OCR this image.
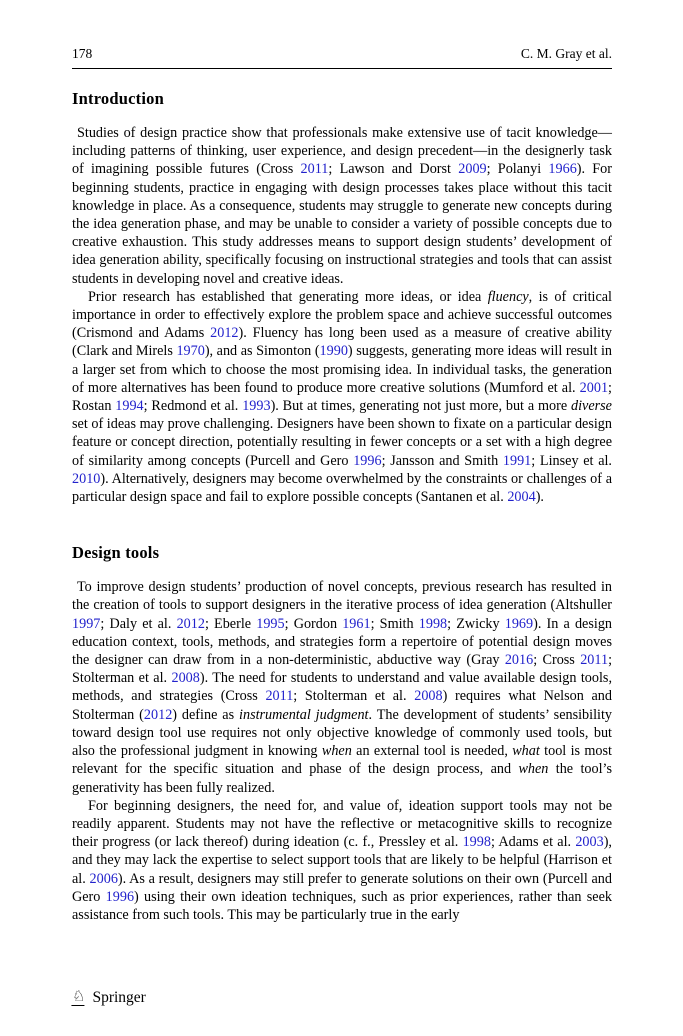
178	C. M. Gray et al.
Introduction

Studies of design practice show that professionals make extensive use of tacit knowledge—including patterns of thinking, user experience, and design precedent—in the designerly task of imagining possible futures (Cross 2011; Lawson and Dorst 2009; Polanyi 1966). For beginning students, practice in engaging with design processes takes place without this tacit knowledge in place. As a consequence, students may struggle to generate new concepts during the idea generation phase, and may be unable to consider a variety of possible concepts due to creative exhaustion. This study addresses means to support design students’ development of idea generation ability, specifically focusing on instructional strategies and tools that can assist students in developing novel and creative ideas.

Prior research has established that generating more ideas, or idea fluency, is of critical importance in order to effectively explore the problem space and achieve successful outcomes (Crismond and Adams 2012). Fluency has long been used as a measure of creative ability (Clark and Mirels 1970), and as Simonton (1990) suggests, generating more ideas will result in a larger set from which to choose the most promising idea. In individual tasks, the generation of more alternatives has been found to produce more creative solutions (Mumford et al. 2001; Rostan 1994; Redmond et al. 1993). But at times, generating not just more, but a more diverse set of ideas may prove challenging. Designers have been shown to fixate on a particular design feature or concept direction, potentially resulting in fewer concepts or a set with a high degree of similarity among concepts (Purcell and Gero 1996; Jansson and Smith 1991; Linsey et al. 2010). Alternatively, designers may become overwhelmed by the constraints or challenges of a particular design space and fail to explore possible concepts (Santanen et al. 2004).

Design tools

To improve design students’ production of novel concepts, previous research has resulted in the creation of tools to support designers in the iterative process of idea generation (Altshuller 1997; Daly et al. 2012; Eberle 1995; Gordon 1961; Smith 1998; Zwicky 1969). In a design education context, tools, methods, and strategies form a repertoire of potential design moves the designer can draw from in a non-deterministic, abductive way (Gray 2016; Cross 2011; Stolterman et al. 2008). The need for students to understand and value available design tools, methods, and strategies (Cross 2011; Stolterman et al. 2008) requires what Nelson and Stolterman (2012) define as instrumental judgment. The development of students’ sensibility toward design tool use requires not only objective knowledge of commonly used tools, but also the professional judgment in knowing when an external tool is needed, what tool is most relevant for the specific situation and phase of the design process, and when the tool’s generativity has been fully realized.

For beginning designers, the need for, and value of, ideation support tools may not be readily apparent. Students may not have the reflective or metacognitive skills to recognize their progress (or lack thereof) during ideation (c. f., Pressley et al. 1998; Adams et al. 2003), and they may lack the expertise to select support tools that are likely to be helpful (Harrison et al. 2006). As a result, designers may still prefer to generate solutions on their own (Purcell and Gero 1996) using their own ideation techniques, such as prior experiences, rather than seek assistance from such tools. This may be particularly true in the early

♘ Springer
